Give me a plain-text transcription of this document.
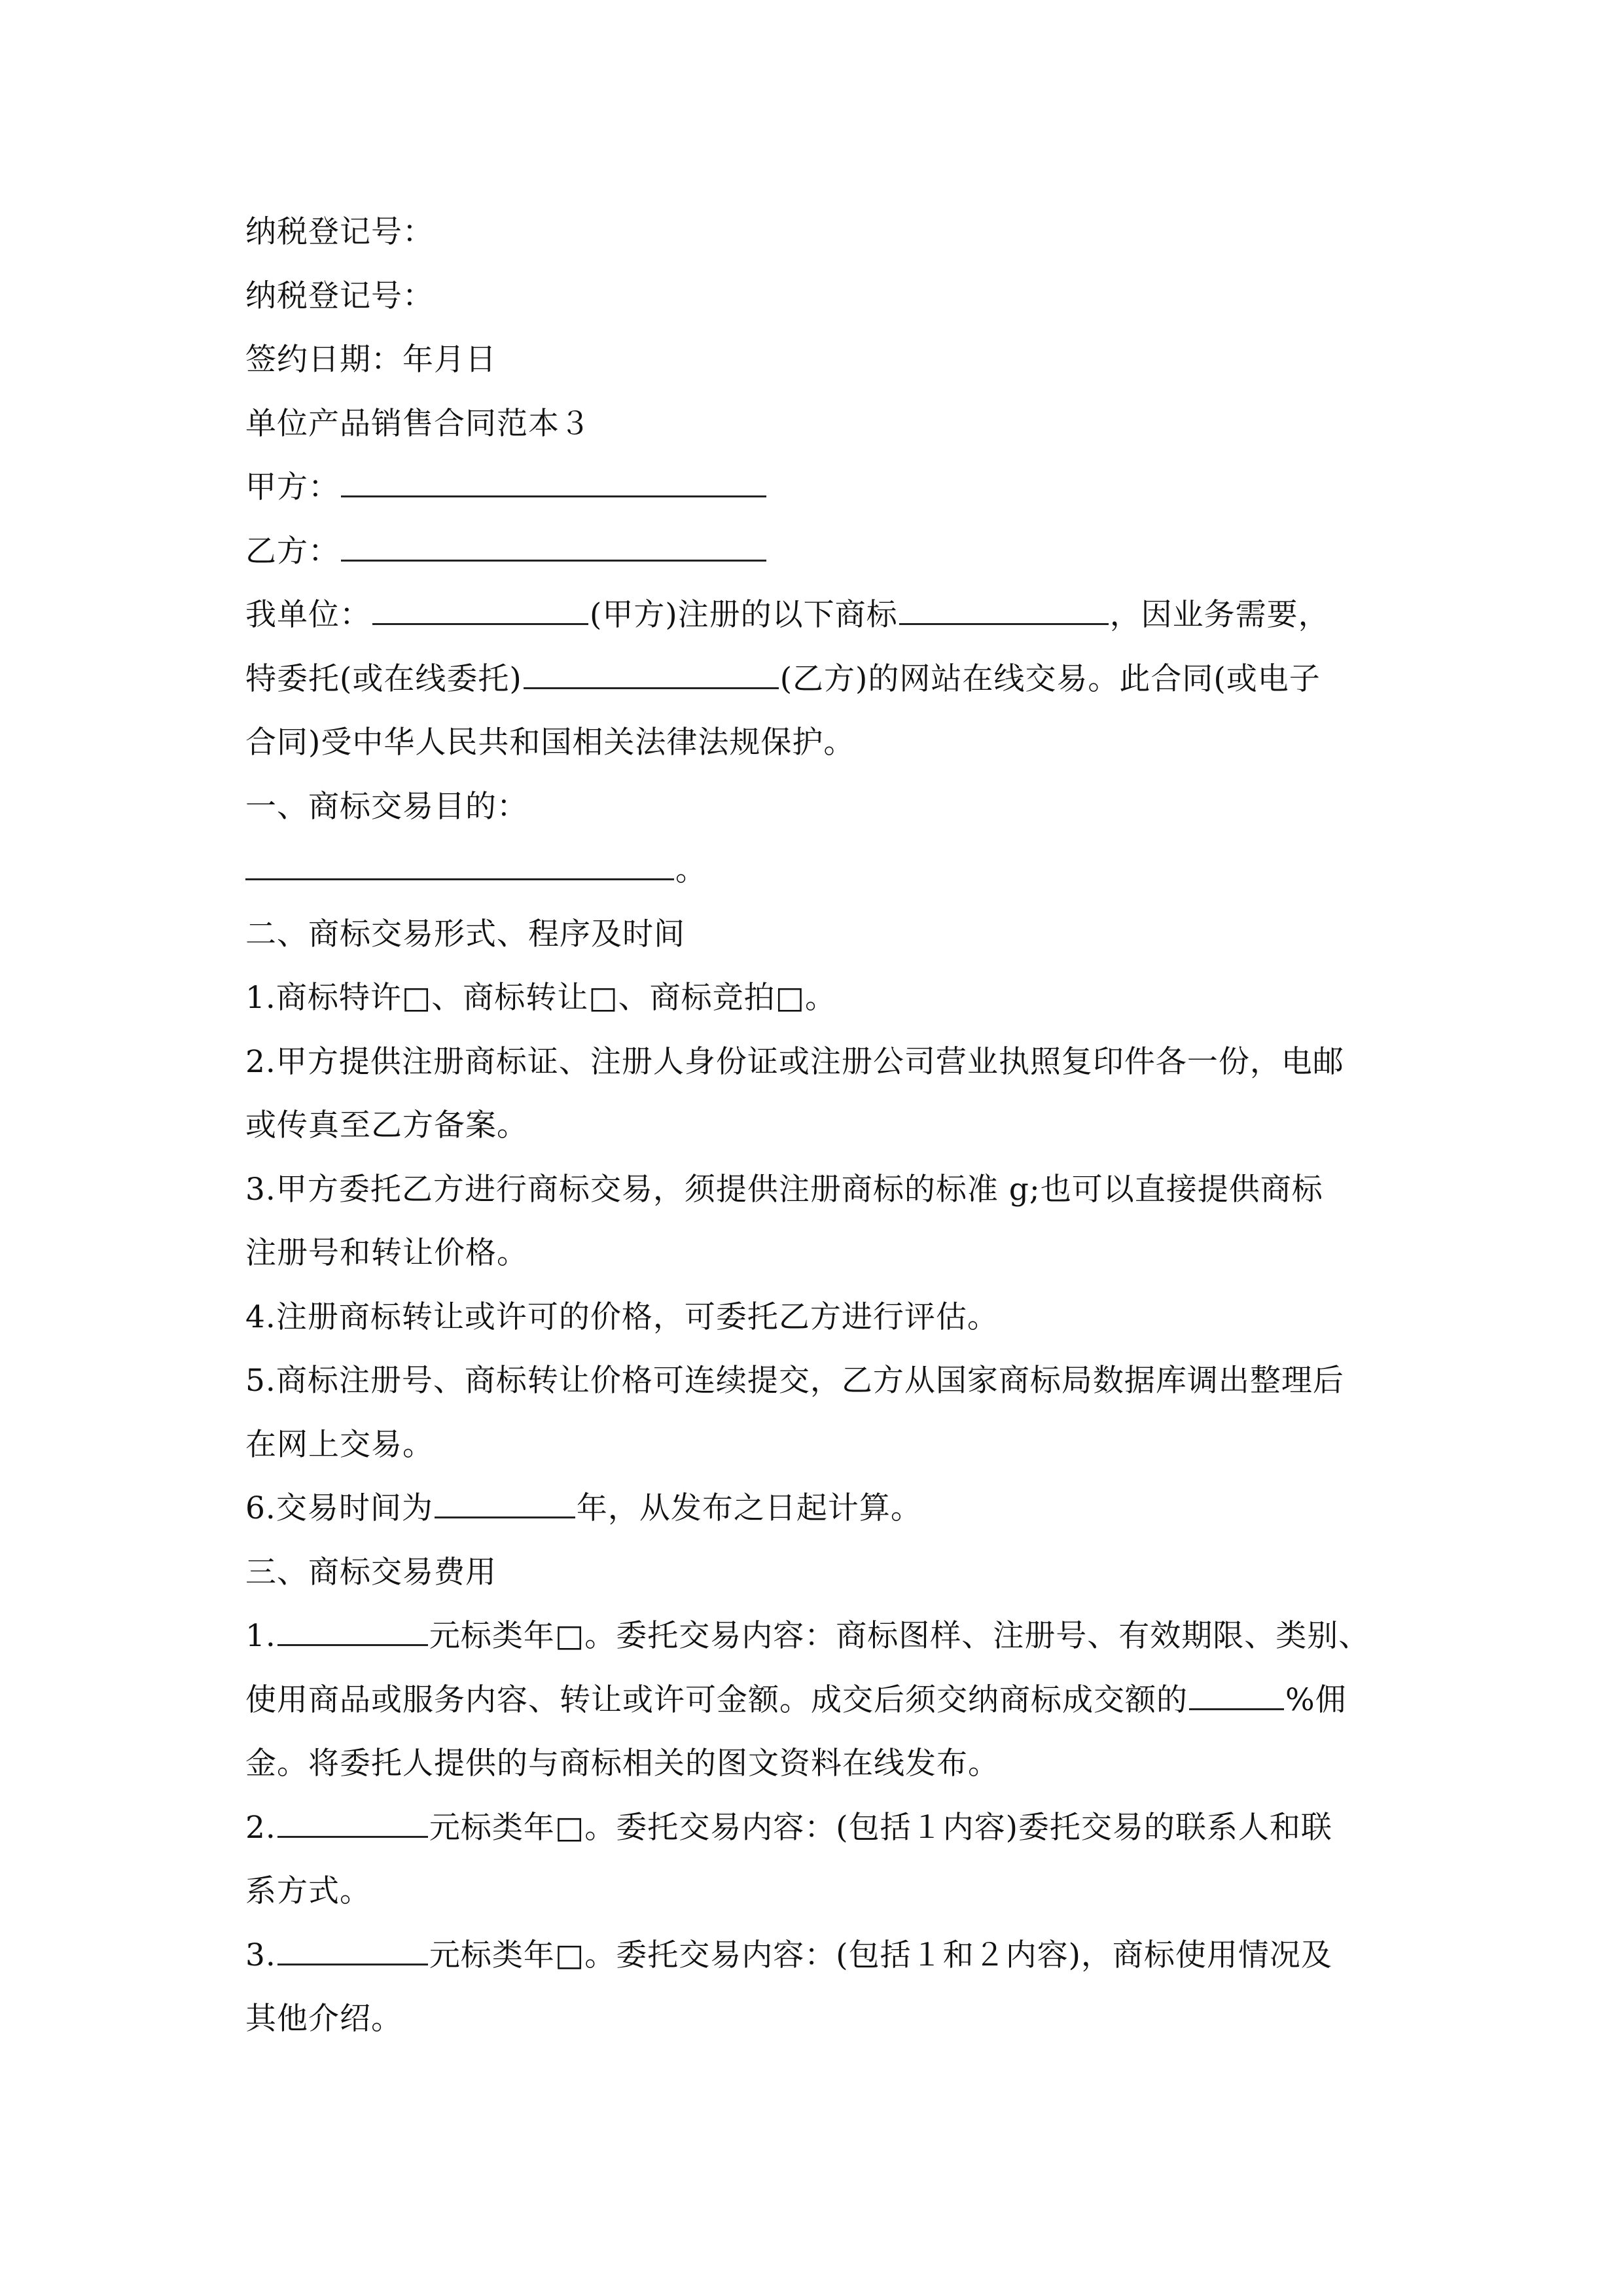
纳税登记号：
纳税登记号：
签约日期：年月日
单位产品销售合同范本３
甲方：
乙方：
我单位：	(甲方)注册的以下商标	，因业务需要，
特委托(或在线委托)	(乙方)的网站在线交易。此合同(或电子
合同)受中华人民共和国相关法律法规保护。
一、商标交易目的：
。
二、商标交易形式、程序及时间
1.商标特许□、商标转让□、商标竞拍□。
2.甲方提供注册商标证、注册人身份证或注册公司营业执照复印件各一份，电邮
或传真至乙方备案。
3.甲方委托乙方进行商标交易，须提供注册商标的标准 g;也可以直接提供商标
注册号和转让价格。
4.注册商标转让或许可的价格，可委托乙方进行评估。
5.商标注册号、商标转让价格可连续提交，乙方从国家商标局数据库调出整理后
在网上交易。
6.交易时间为	年，从发布之日起计算。
三、商标交易费用
1.	元标类年□。委托交易内容：商标图样、注册号、有效期限、类别、
使用商品或服务内容、转让或许可金额。成交后须交纳商标成交额的	%佣
金。将委托人提供的与商标相关的图文资料在线发布。
2.	元标类年□。委托交易内容：(包括１内容)委托交易的联系人和联
系方式。
3.	元标类年□。委托交易内容：(包括１和２内容)，商标使用情况及
其他介绍。
